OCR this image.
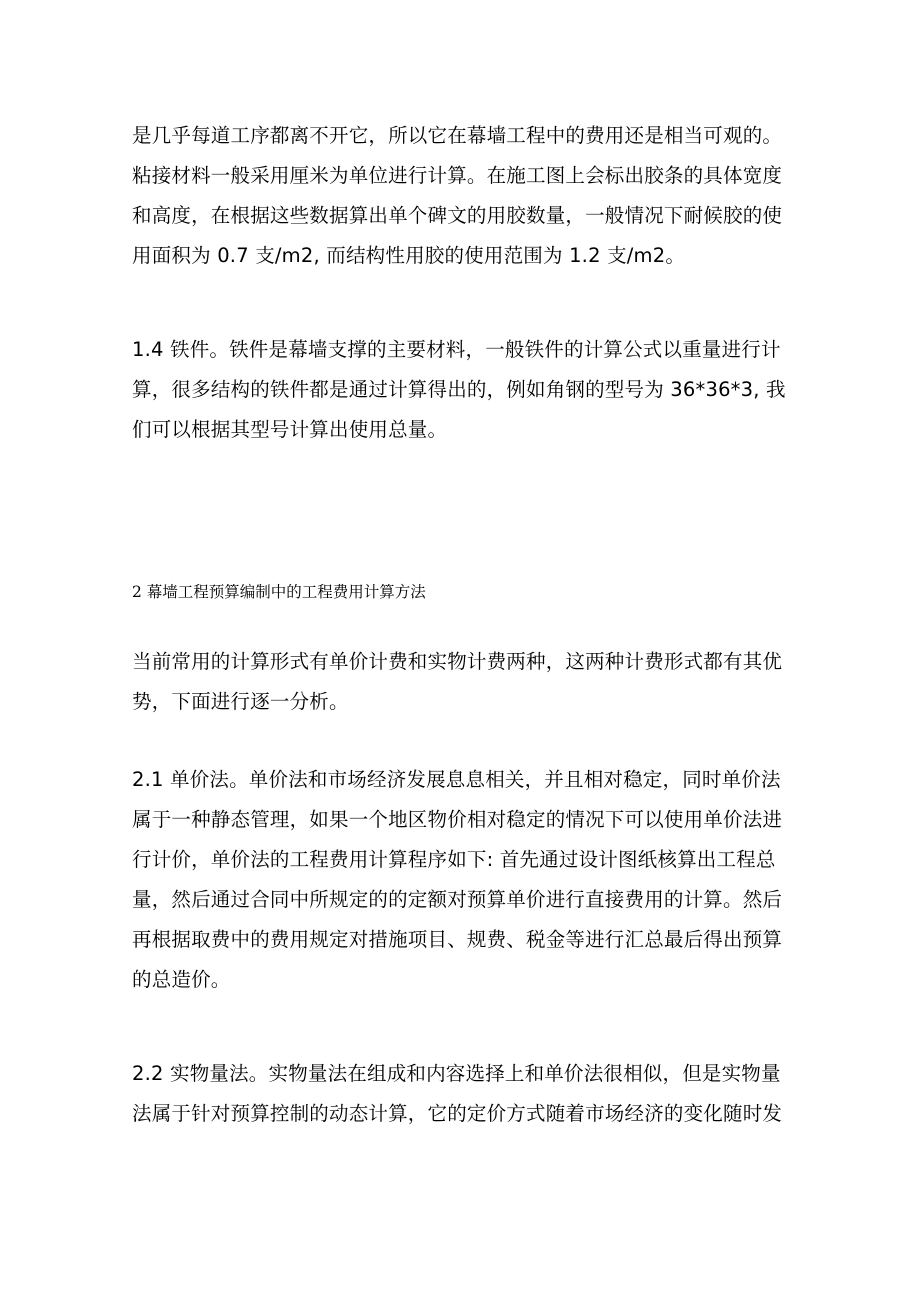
是几乎每道工序都离不开它，所以它在幕墙工程中的费用还是相当可观的。
粘接材料一般采用厘米为单位进行计算。在施工图上会标出胶条的具体宽度
和高度，在根据这些数据算出单个碑文的用胶数量，一般情况下耐候胶的使
用面积为 0.7 支/m2, 而结构性用胶的使用范围为 1.2 支/m2。

1.4 铁件。铁件是幕墙支撑的主要材料，一般铁件的计算公式以重量进行计
算，很多结构的铁件都是通过计算得出的，例如角钢的型号为 36*36*3, 我
们可以根据其型号计算出使用总量。

2 幕墙工程预算编制中的工程费用计算方法

当前常用的计算形式有单价计费和实物计费两种，这两种计费形式都有其优
势，下面进行逐一分析。

2.1 单价法。单价法和市场经济发展息息相关，并且相对稳定，同时单价法
属于一种静态管理，如果一个地区物价相对稳定的情况下可以使用单价法进
行计价，单价法的工程费用计算程序如下: 首先通过设计图纸核算出工程总
量，然后通过合同中所规定的的定额对预算单价进行直接费用的计算。然后
再根据取费中的费用规定对措施项目、规费、税金等进行汇总最后得出预算
的总造价。

2.2 实物量法。实物量法在组成和内容选择上和单价法很相似，但是实物量
法属于针对预算控制的动态计算，它的定价方式随着市场经济的变化随时发
